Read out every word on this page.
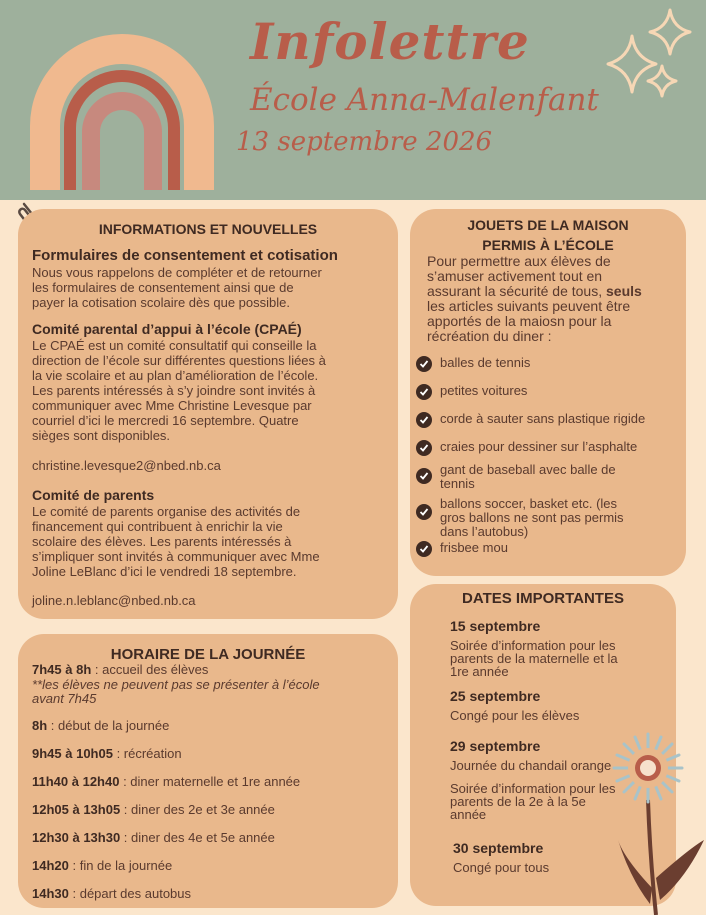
Infolettre
École Anna-Malenfant
13 septembre 2026
INFORMATIONS ET NOUVELLES
Formulaires de consentement et cotisation

Nous vous rappelons de compléter et de retourner

les formulaires de consentement ainsi que de

payer la cotisation scolaire dès que possible.

Comité parental d’appui à l’école (CPAÉ)

Le CPAÉ est un comité consultatif qui conseille la

direction de l’école sur différentes questions liées à

la vie scolaire et au plan d’amélioration de l’école.

Les parents intéressés à s’y joindre sont invités à

communiquer avec Mme Christine Levesque par

courriel d’ici le mercredi 16 septembre. Quatre

sièges sont disponibles.

christine.levesque2@nbed.nb.ca
Comité de parents

Le comité de parents organise des activités de

financement qui contribuent à enrichir la vie

scolaire des élèves. Les parents intéressés à

s’impliquer sont invités à communiquer avec Mme

Joline LeBlanc d’ici le vendredi 18 septembre.

joline.n.leblanc@nbed.nb.ca
HORAIRE DE LA JOURNÉE
7h45 à 8h : accueil des élèves
**les élèves ne peuvent pas se présenter à l’école
avant 7h45
8h : début de la journée
9h45 à 10h05 : récréation
11h40 à 12h40 : diner maternelle et 1re année
12h05 à 13h05 : diner des 2e et 3e année
12h30 à 13h30 : diner des 4e et 5e année
14h20 : fin de la journée
14h30 : départ des autobus
JOUETS DE LA MAISON
PERMIS À L’ÉCOLE
Pour permettre aux élèves de
s’amuser activement tout en
assurant la sécurité de tous, seuls
les articles suivants peuvent être
apportés de la maiosn pour la
récréation du diner :
balles de tennis
petites voitures
corde à sauter sans plastique rigide
craies pour dessiner sur l’asphalte
gant de baseball avec balle de
tennis
ballons soccer, basket etc. (les
gros ballons ne sont pas permis
dans l’autobus)
frisbee mou
DATES IMPORTANTES
15 septembre
Soirée d’information pour les
parents de la maternelle et la
1re année
25 septembre
Congé pour les élèves
29 septembre
Journée du chandail orange
Soirée d’information pour les
parents de la 2e à la 5e
année
30 septembre
Congé pour tous
